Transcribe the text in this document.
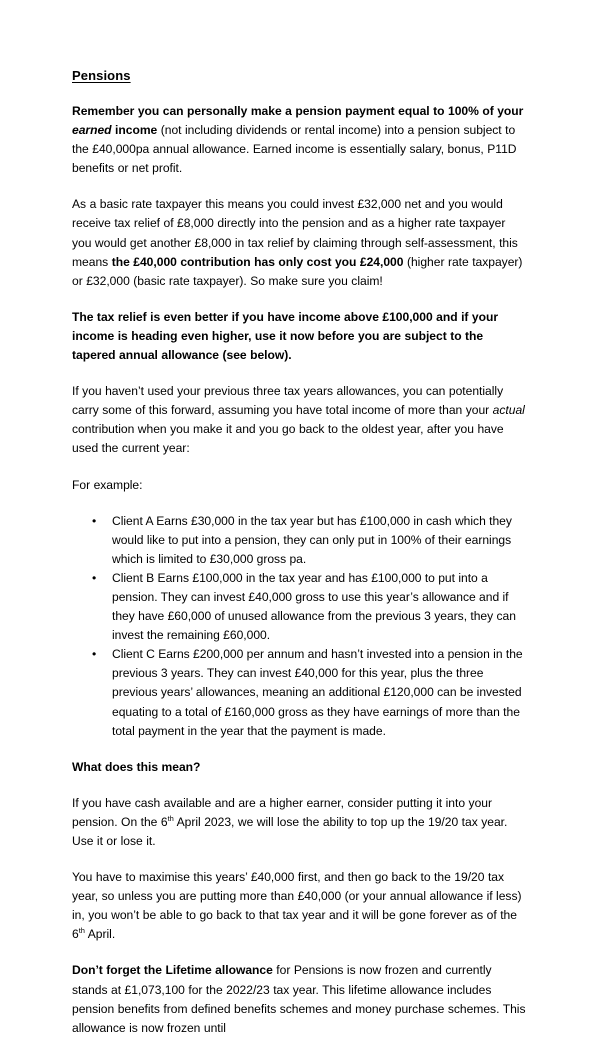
Pensions

Remember you can personally make a pension payment equal to 100% of your earned income (not including dividends or rental income) into a pension subject to the £40,000pa annual allowance. Earned income is essentially salary, bonus, P11D benefits or net profit.

As a basic rate taxpayer this means you could invest £32,000 net and you would receive tax relief of £8,000 directly into the pension and as a higher rate taxpayer you would get another £8,000 in tax relief by claiming through self-assessment, this means the £40,000 contribution has only cost you £24,000 (higher rate taxpayer) or £32,000 (basic rate taxpayer). So make sure you claim!

The tax relief is even better if you have income above £100,000 and if your income is heading even higher, use it now before you are subject to the tapered annual allowance (see below).

If you haven’t used your previous three tax years allowances, you can potentially carry some of this forward, assuming you have total income of more than your actual contribution when you make it and you go back to the oldest year, after you have used the current year:

For example:

• Client A Earns £30,000 in the tax year but has £100,000 in cash which they would like to put into a pension, they can only put in 100% of their earnings which is limited to £30,000 gross pa.
• Client B Earns £100,000 in the tax year and has £100,000 to put into a pension. They can invest £40,000 gross to use this year’s allowance and if they have £60,000 of unused allowance from the previous 3 years, they can invest the remaining £60,000.
• Client C Earns £200,000 per annum and hasn’t invested into a pension in the previous 3 years. They can invest £40,000 for this year, plus the three previous years’ allowances, meaning an additional £120,000 can be invested equating to a total of £160,000 gross as they have earnings of more than the total payment in the year that the payment is made.

What does this mean?

If you have cash available and are a higher earner, consider putting it into your pension. On the 6th April 2023, we will lose the ability to top up the 19/20 tax year. Use it or lose it.

You have to maximise this years’ £40,000 first, and then go back to the 19/20 tax year, so unless you are putting more than £40,000 (or your annual allowance if less) in, you won’t be able to go back to that tax year and it will be gone forever as of the 6th April.

Don’t forget the Lifetime allowance for Pensions is now frozen and currently stands at £1,073,100 for the 2022/23 tax year. This lifetime allowance includes pension benefits from defined benefits schemes and money purchase schemes. This allowance is now frozen until
